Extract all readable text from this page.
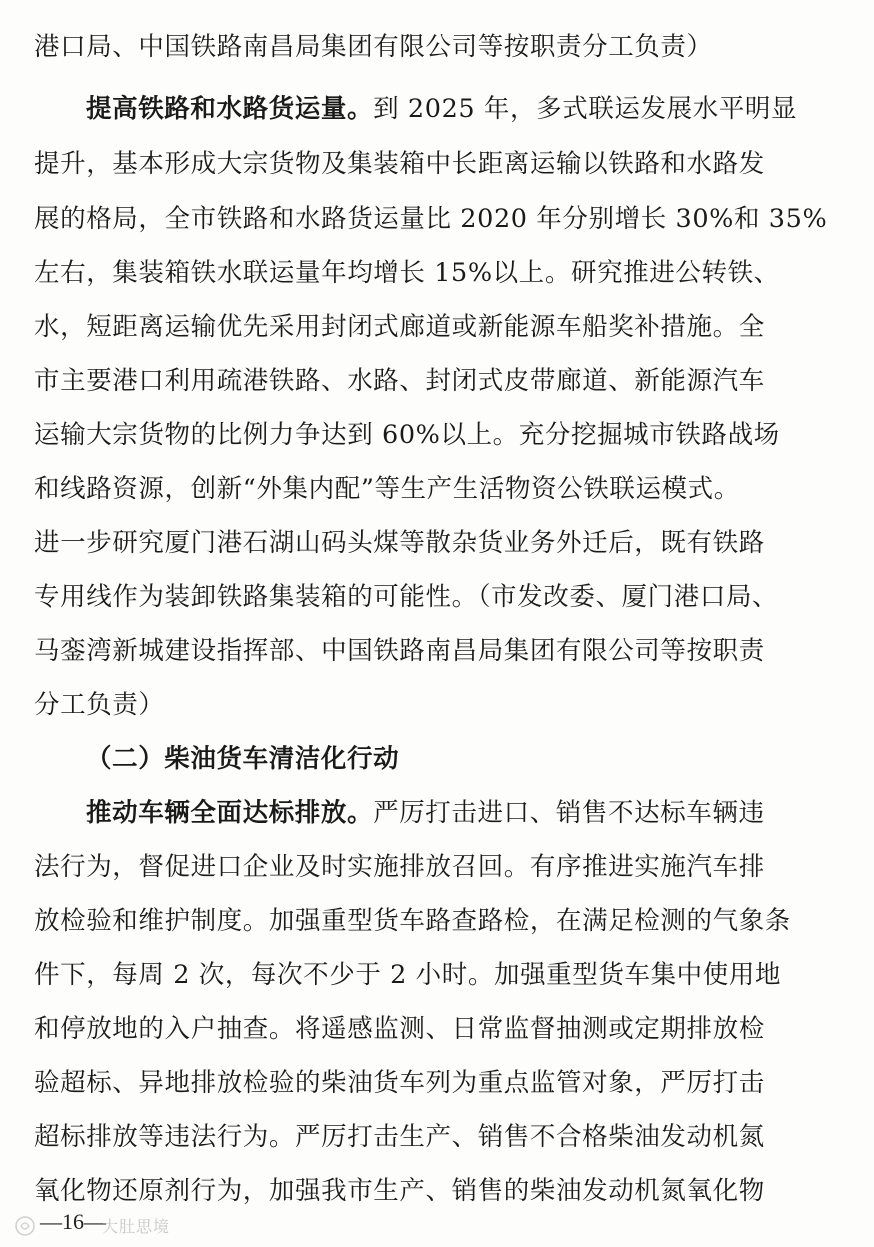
港口局、中国铁路南昌局集团有限公司等按职责分工负责）
提高铁路和水路货运量。到 2025 年，多式联运发展水平明显
提升，基本形成大宗货物及集装箱中长距离运输以铁路和水路发
展的格局，全市铁路和水路货运量比 2020 年分别增长 30%和 35%
左右，集装箱铁水联运量年均增长 15%以上。研究推进公转铁、
水，短距离运输优先采用封闭式廊道或新能源车船奖补措施。全
市主要港口利用疏港铁路、水路、封闭式皮带廊道、新能源汽车
运输大宗货物的比例力争达到 60%以上。充分挖掘城市铁路战场
和线路资源，创新“外集内配”等生产生活物资公铁联运模式。
进一步研究厦门港石湖山码头煤等散杂货业务外迁后，既有铁路
专用线作为装卸铁路集装箱的可能性。（市发改委、厦门港口局、
马銮湾新城建设指挥部、中国铁路南昌局集团有限公司等按职责
分工负责）
（二）柴油货车清洁化行动
推动车辆全面达标排放。严厉打击进口、销售不达标车辆违
法行为，督促进口企业及时实施排放召回。有序推进实施汽车排
放检验和维护制度。加强重型货车路查路检，在满足检测的气象条
件下，每周 2 次，每次不少于 2 小时。加强重型货车集中使用地
和停放地的入户抽查。将遥感监测、日常监督抽测或定期排放检
验超标、异地排放检验的柴油货车列为重点监管对象，严厉打击
超标排放等违法行为。严厉打击生产、销售不合格柴油发动机氮
氧化物还原剂行为，加强我市生产、销售的柴油发动机氮氧化物
—16—
大肚思境
